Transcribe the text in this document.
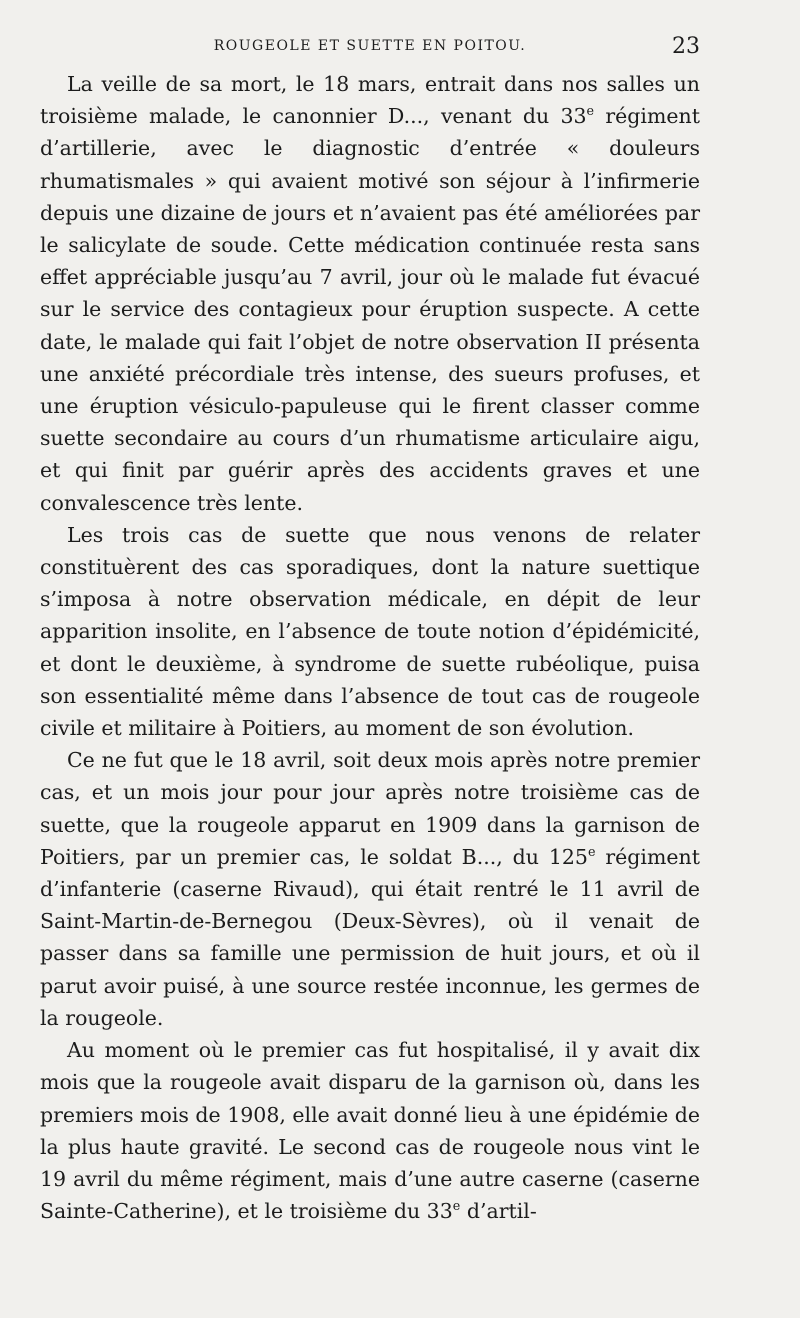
ROUGEOLE ET SUETTE EN POITOU.	23

La veille de sa mort, le 18 mars, entrait dans nos salles un troisième malade, le canonnier D..., venant du 33e régiment d’artillerie, avec le diagnostic d’entrée « douleurs rhumatismales » qui avaient motivé son séjour à l’infirmerie depuis une dizaine de jours et n’avaient pas été améliorées par le salicylate de soude. Cette médication continuée resta sans effet appréciable jusqu’au 7 avril, jour où le malade fut évacué sur le service des contagieux pour éruption suspecte. A cette date, le malade qui fait l’objet de notre observation II présenta une anxiété précordiale très intense, des sueurs profuses, et une éruption vésiculo-papuleuse qui le firent classer comme suette secondaire au cours d’un rhumatisme articulaire aigu, et qui finit par guérir après des accidents graves et une convalescence très lente.

Les trois cas de suette que nous venons de relater constituèrent des cas sporadiques, dont la nature suettique s’imposa à notre observation médicale, en dépit de leur apparition insolite, en l’absence de toute notion d’épidémicité, et dont le deuxième, à syndrome de suette rubéolique, puisa son essentialité même dans l’absence de tout cas de rougeole civile et militaire à Poitiers, au moment de son évolution.

Ce ne fut que le 18 avril, soit deux mois après notre premier cas, et un mois jour pour jour après notre troisième cas de suette, que la rougeole apparut en 1909 dans la garnison de Poitiers, par un premier cas, le soldat B..., du 125e régiment d’infanterie (caserne Rivaud), qui était rentré le 11 avril de Saint-Martin-de-Bernegou (Deux-Sèvres), où il venait de passer dans sa famille une permission de huit jours, et où il parut avoir puisé, à une source restée inconnue, les germes de la rougeole.

Au moment où le premier cas fut hospitalisé, il y avait dix mois que la rougeole avait disparu de la garnison où, dans les premiers mois de 1908, elle avait donné lieu à une épidémie de la plus haute gravité. Le second cas de rougeole nous vint le 19 avril du même régiment, mais d’une autre caserne (caserne Sainte-Catherine), et le troisième du 33e d’artil-
